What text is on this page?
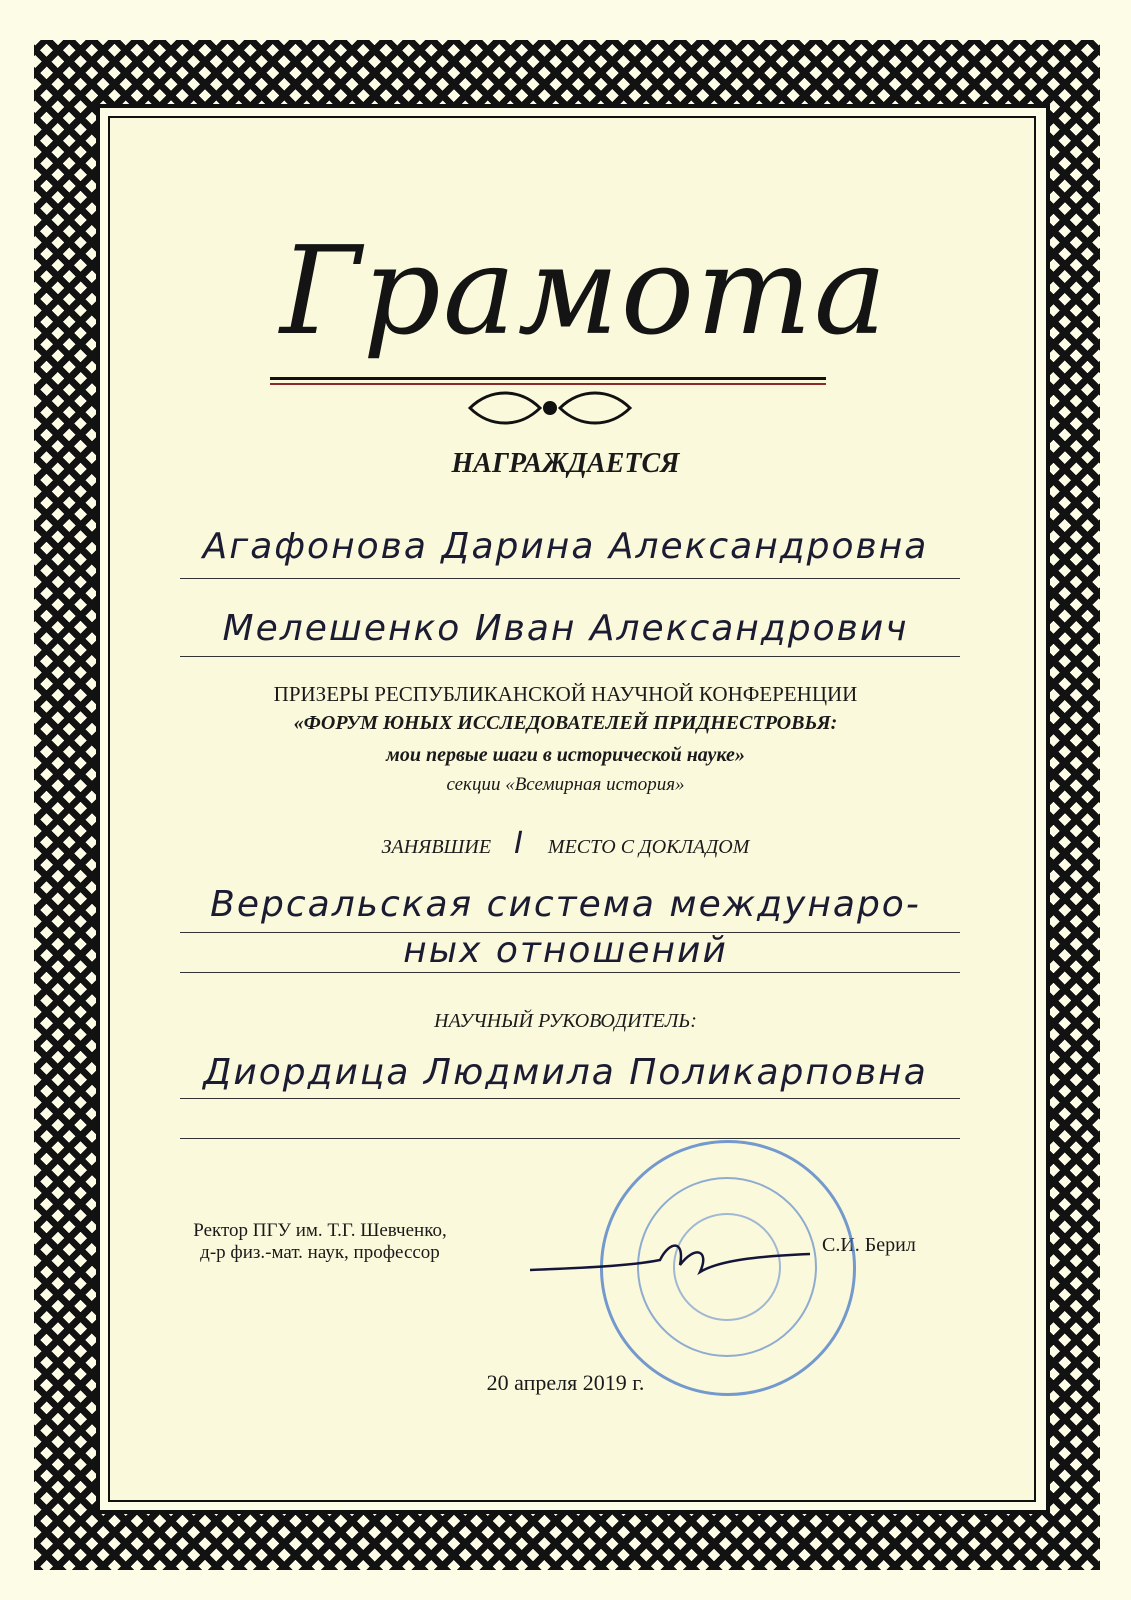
Грамота
НАГРАЖДАЕТСЯ
Агафонова Дарина Александровна
Мелешенко Иван Александрович
ПРИЗЕРЫ РЕСПУБЛИКАНСКОЙ НАУЧНОЙ КОНФЕРЕНЦИИ
«ФОРУМ ЮНЫХ ИССЛЕДОВАТЕЛЕЙ ПРИДНЕСТРОВЬЯ:
мои первые шаги в исторической науке»
секции «Всемирная история»
ЗАНЯВШИЕ I МЕСТО С ДОКЛАДОМ
Версальская система междунаро-
ных отношений
НАУЧНЫЙ РУКОВОДИТЕЛЬ:
Диордица Людмила Поликарповна
Ректор ПГУ им. Т.Г. Шевченко,
д-р физ.-мат. наук, профессор	С.И. Берил
20 апреля 2019 г.
